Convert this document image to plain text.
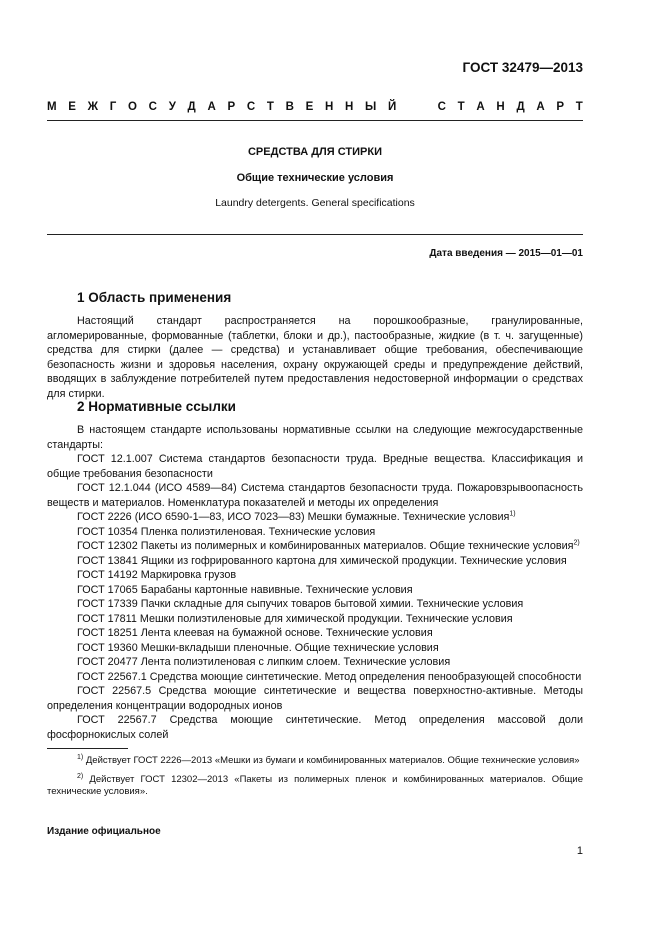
ГОСТ 32479—2013
М Е Ж Г О С У Д А Р С Т В Е Н Н Ы Й	С Т А Н Д А Р Т
СРЕДСТВА ДЛЯ СТИРКИ
Общие технические условия
Laundry detergents. General specifications
Дата введения — 2015—01—01
1 Область применения

Настоящий стандарт распространяется на порошкообразные, гранулированные, агломерированные, формованные (таблетки, блоки и др.), пастообразные, жидкие (в т. ч. загущенные) средства для стирки (далее — средства) и устанавливает общие требования, обеспечивающие безопасность жизни и здоровья населения, охрану окружающей среды и предупреждение действий, вводящих в заблуждение потребителей путем предоставления недостоверной информации о средствах для стирки.

2 Нормативные ссылки

В настоящем стандарте использованы нормативные ссылки на следующие межгосударственные стандарты:

ГОСТ 12.1.007 Система стандартов безопасности труда. Вредные вещества. Классификация и общие требования безопасности

ГОСТ 12.1.044 (ИСО 4589—84) Система стандартов безопасности труда. Пожаровзрывоопасность веществ и материалов. Номенклатура показателей и методы их определения

ГОСТ 2226 (ИСО 6590-1—83, ИСО 7023—83) Мешки бумажные. Технические условия$^{1)}$

ГОСТ 10354 Пленка полиэтиленовая. Технические условия

ГОСТ 12302 Пакеты из полимерных и комбинированных материалов. Общие технические условия$^{2)}$

ГОСТ 13841 Ящики из гофрированного картона для химической продукции. Технические условия

ГОСТ 14192 Маркировка грузов

ГОСТ 17065 Барабаны картонные навивные. Технические условия

ГОСТ 17339 Пачки складные для сыпучих товаров бытовой химии. Технические условия

ГОСТ 17811 Мешки полиэтиленовые для химической продукции. Технические условия

ГОСТ 18251 Лента клеевая на бумажной основе. Технические условия

ГОСТ 19360 Мешки-вкладыши пленочные. Общие технические условия

ГОСТ 20477 Лента полиэтиленовая с липким слоем. Технические условия

ГОСТ 22567.1 Средства моющие синтетические. Метод определения пенообразующей способности

ГОСТ 22567.5 Средства моющие синтетические и вещества поверхностно-активные. Методы определения концентрации водородных ионов

ГОСТ 22567.7 Средства моющие синтетические. Метод определения массовой доли фосфорнокислых солей

$^{1)}$ Действует ГОСТ 2226—2013 «Мешки из бумаги и комбинированных материалов. Общие технические условия»

$^{2)}$ Действует ГОСТ 12302—2013 «Пакеты из полимерных пленок и комбинированных материалов. Общие технические условия».

Издание официальное
1
